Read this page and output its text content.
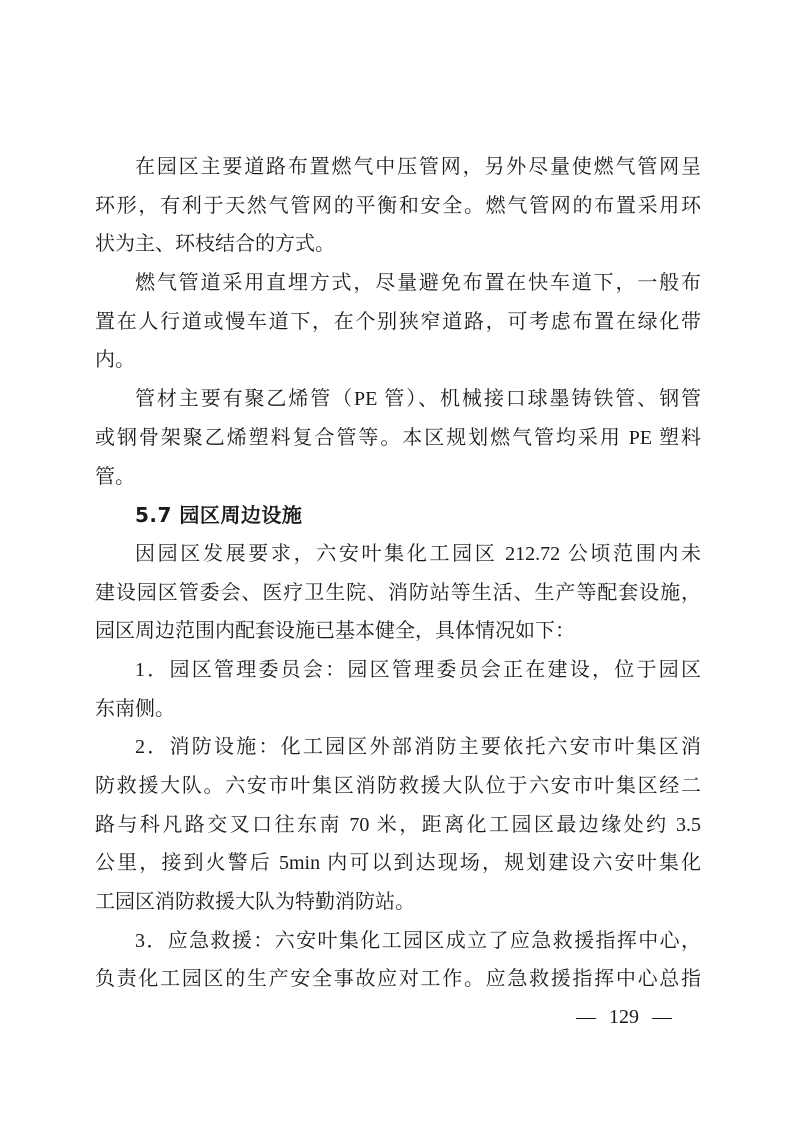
在园区主要道路布置燃气中压管网，另外尽量使燃气管网呈
环形，有利于天然气管网的平衡和安全。燃气管网的布置采用环
状为主、环枝结合的方式。
燃气管道采用直埋方式，尽量避免布置在快车道下，一般布
置在人行道或慢车道下，在个别狭窄道路，可考虑布置在绿化带
内。
管材主要有聚乙烯管（PE 管）、机械接口球墨铸铁管、钢管
或钢骨架聚乙烯塑料复合管等。本区规划燃气管均采用 PE 塑料
管。
5.7 园区周边设施
因园区发展要求，六安叶集化工园区 212.72 公顷范围内未
建设园区管委会、医疗卫生院、消防站等生活、生产等配套设施，
园区周边范围内配套设施已基本健全，具体情况如下：
1．园区管理委员会：园区管理委员会正在建设，位于园区
东南侧。
2．消防设施：化工园区外部消防主要依托六安市叶集区消
防救援大队。六安市叶集区消防救援大队位于六安市叶集区经二
路与科凡路交叉口往东南 70 米，距离化工园区最边缘处约 3.5
公里，接到火警后 5min 内可以到达现场，规划建设六安叶集化
工园区消防救援大队为特勤消防站。
3．应急救援：六安叶集化工园区成立了应急救援指挥中心，
负责化工园区的生产安全事故应对工作。应急救援指挥中心总指
— 129 —
